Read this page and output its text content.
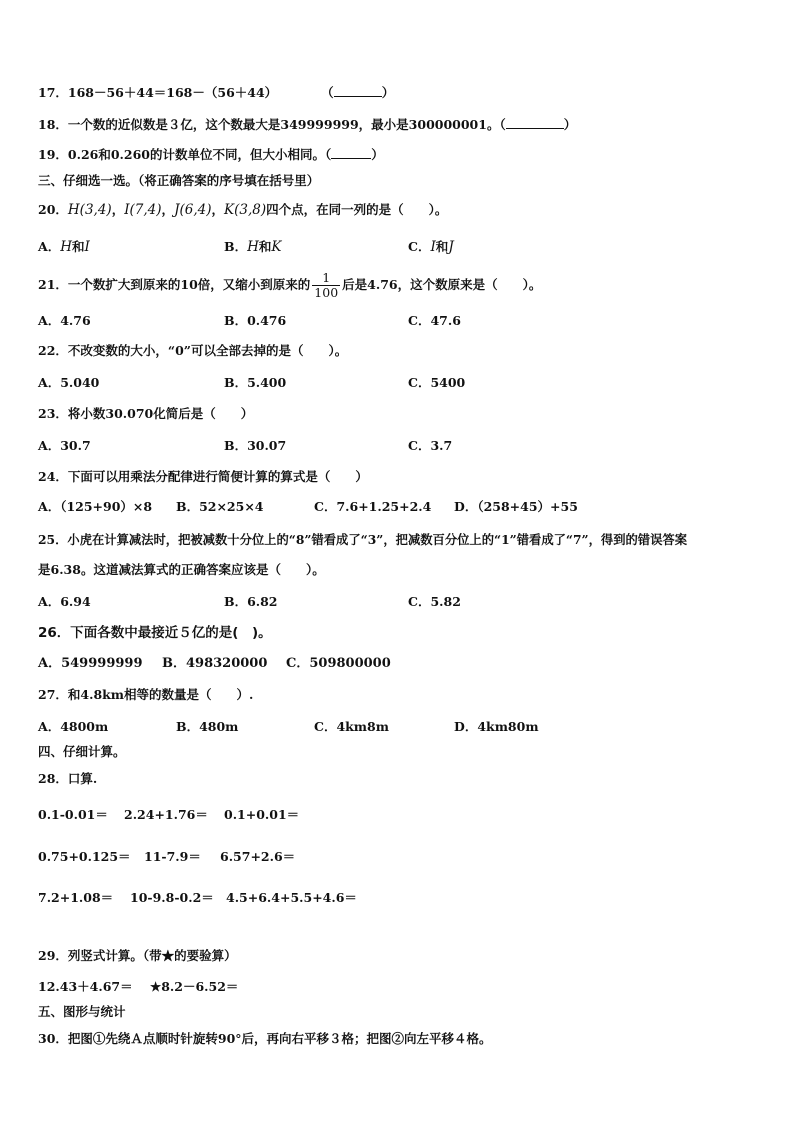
17．168－56＋44＝168－（56＋44）	（	）
18．一个数的近似数是３亿，这个数最大是349999999，最小是300000001。（	）
19．0.26和0.260的计数单位不同，但大小相同。（	）
三、仔细选一选。（将正确答案的序号填在括号里）
20．H(3,4)，I(7,4)，J(6,4)，K(3,8)四个点，在同一列的是（　　）。
A．H和I	B．H和K	C．I和J
21．一个数扩大到原来的10倍，又缩小到原来的 $\frac{1}{100}$ 后是4.76，这个数原来是（　　）。
A．4.76	B．0.476	C．47.6
22．不改变数的大小，“0”可以全部去掉的是（　　）。
A．5.040	B．5.400	C．5400
23．将小数30.070化简后是（　　）
A．30.7	B．30.07	C．3.7
24．下面可以用乘法分配律进行简便计算的算式是（　　）
A．（125+90）×8 B．52×25×4	C．7.6+1.25+2.4 D．（258+45）+55
25．小虎在计算减法时，把被减数十分位上的“8”错看成了“3”，把减数百分位上的“1”错看成了“7”，得到的错误答案
是6.38。这道减法算式的正确答案应该是（　　）。
A．6.94	B．6.82	C．5.82
26．下面各数中最接近５亿的是(　)。
A．549999999 B．498320000 C．509800000
27．和4.8km相等的数量是（　　）.
A．4800m	B．480m	C．4km8m	D．4km80m
四、仔细计算。
28．口算.
0.1-0.01＝ 2.24+1.76＝ 0.1+0.01＝
0.75+0.125＝ 11-7.9＝ 6.57+2.6＝
7.2+1.08＝ 10-9.8-0.2＝ 4.5+6.4+5.5+4.6＝
29．列竖式计算。（带★的要验算）
12.43＋4.67＝ ★8.2－6.52＝
五、图形与统计
30．把图①先绕Ａ点顺时针旋转90°后，再向右平移３格；把图②向左平移４格。
